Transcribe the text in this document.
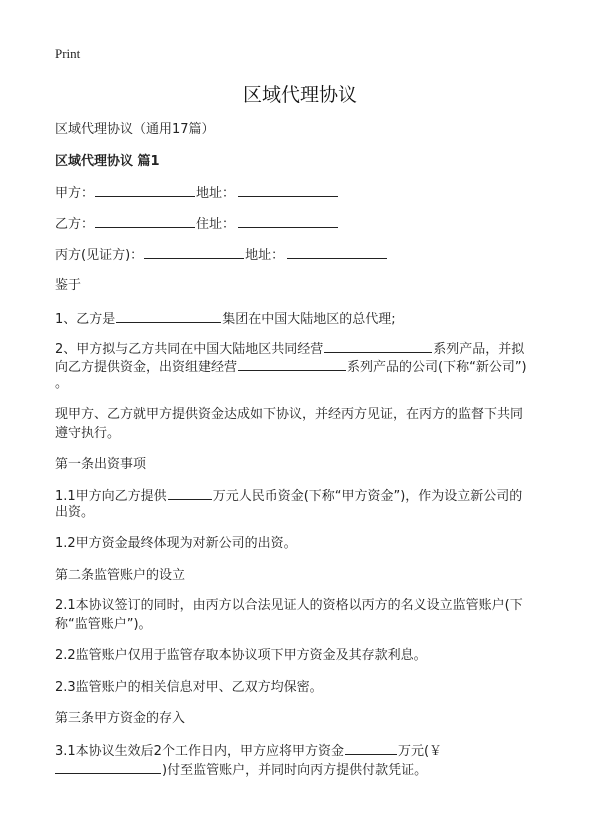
Print
区域代理协议
区域代理协议（通用17篇）
区域代理协议 篇1
甲方：	地址：
乙方：	住址：
丙方(见证方)：	地址：
鉴于
1、乙方是	集团在中国大陆地区的总代理;
2、甲方拟与乙方共同在中国大陆地区共同经营	系列产品，并拟
向乙方提供资金，出资组建经营	系列产品的公司(下称“新公司”)
。
现甲方、乙方就甲方提供资金达成如下协议，并经丙方见证，在丙方的监督下共同
遵守执行。
第一条出资事项
1.1甲方向乙方提供	万元人民币资金(下称“甲方资金”)，作为设立新公司的
出资。
1.2甲方资金最终体现为对新公司的出资。
第二条监管账户的设立
2.1本协议签订的同时，由丙方以合法见证人的资格以丙方的名义设立监管账户(下
称“监管账户”)。
2.2监管账户仅用于监管存取本协议项下甲方资金及其存款利息。
2.3监管账户的相关信息对甲、乙双方均保密。
第三条甲方资金的存入
3.1本协议生效后2个工作日内，甲方应将甲方资金	万元(￥
)付至监管账户，并同时向丙方提供付款凭证。
